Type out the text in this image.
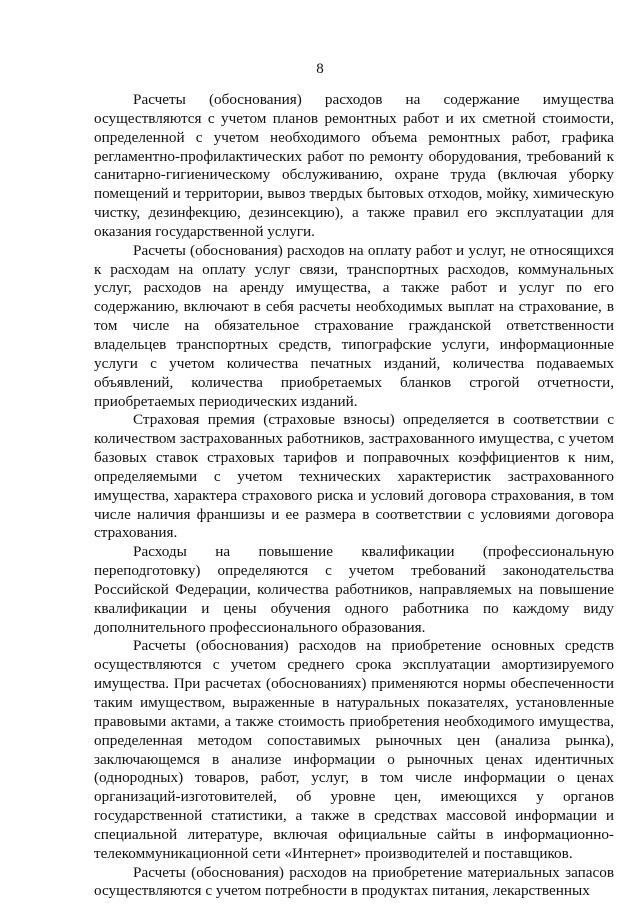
8

Расчеты (обоснования) расходов на содержание имущества осуществляются с учетом планов ремонтных работ и их сметной стоимости, определенной с учетом необходимого объема ремонтных работ, графика регламентно-профилактических работ по ремонту оборудования, требований к санитарно-гигиеническому обслуживанию, охране труда (включая уборку помещений и территории, вывоз твердых бытовых отходов, мойку, химическую чистку, дезинфекцию, дезинсекцию), а также правил его эксплуатации для оказания государственной услуги.

Расчеты (обоснования) расходов на оплату работ и услуг, не относящихся к расходам на оплату услуг связи, транспортных расходов, коммунальных услуг, расходов на аренду имущества, а также работ и услуг по его содержанию, включают в себя расчеты необходимых выплат на страхование, в том числе на обязательное страхование гражданской ответственности владельцев транспортных средств, типографские услуги, информационные услуги с учетом количества печатных изданий, количества подаваемых объявлений, количества приобретаемых бланков строгой отчетности, приобретаемых периодических изданий.

Страховая премия (страховые взносы) определяется в соответствии с количеством застрахованных работников, застрахованного имущества, с учетом базовых ставок страховых тарифов и поправочных коэффициентов к ним, определяемыми с учетом технических характеристик застрахованного имущества, характера страхового риска и условий договора страхования, в том числе наличия франшизы и ее размера в соответствии с условиями договора страхования.

Расходы на повышение квалификации (профессиональную переподготовку) определяются с учетом требований законодательства Российской Федерации, количества работников, направляемых на повышение квалификации и цены обучения одного работника по каждому виду дополнительного профессионального образования.

Расчеты (обоснования) расходов на приобретение основных средств осуществляются с учетом среднего срока эксплуатации амортизируемого имущества. При расчетах (обоснованиях) применяются нормы обеспеченности таким имуществом, выраженные в натуральных показателях, установленные правовыми актами, а также стоимость приобретения необходимого имущества, определенная методом сопоставимых рыночных цен (анализа рынка), заключающемся в анализе информации о рыночных ценах идентичных (однородных) товаров, работ, услуг, в том числе информации о ценах организаций-изготовителей, об уровне цен, имеющихся у органов государственной статистики, а также в средствах массовой информации и специальной литературе, включая официальные сайты в информационно-телекоммуникационной сети «Интернет» производителей и поставщиков.

Расчеты (обоснования) расходов на приобретение материальных запасов осуществляются с учетом потребности в продуктах питания, лекарственных
